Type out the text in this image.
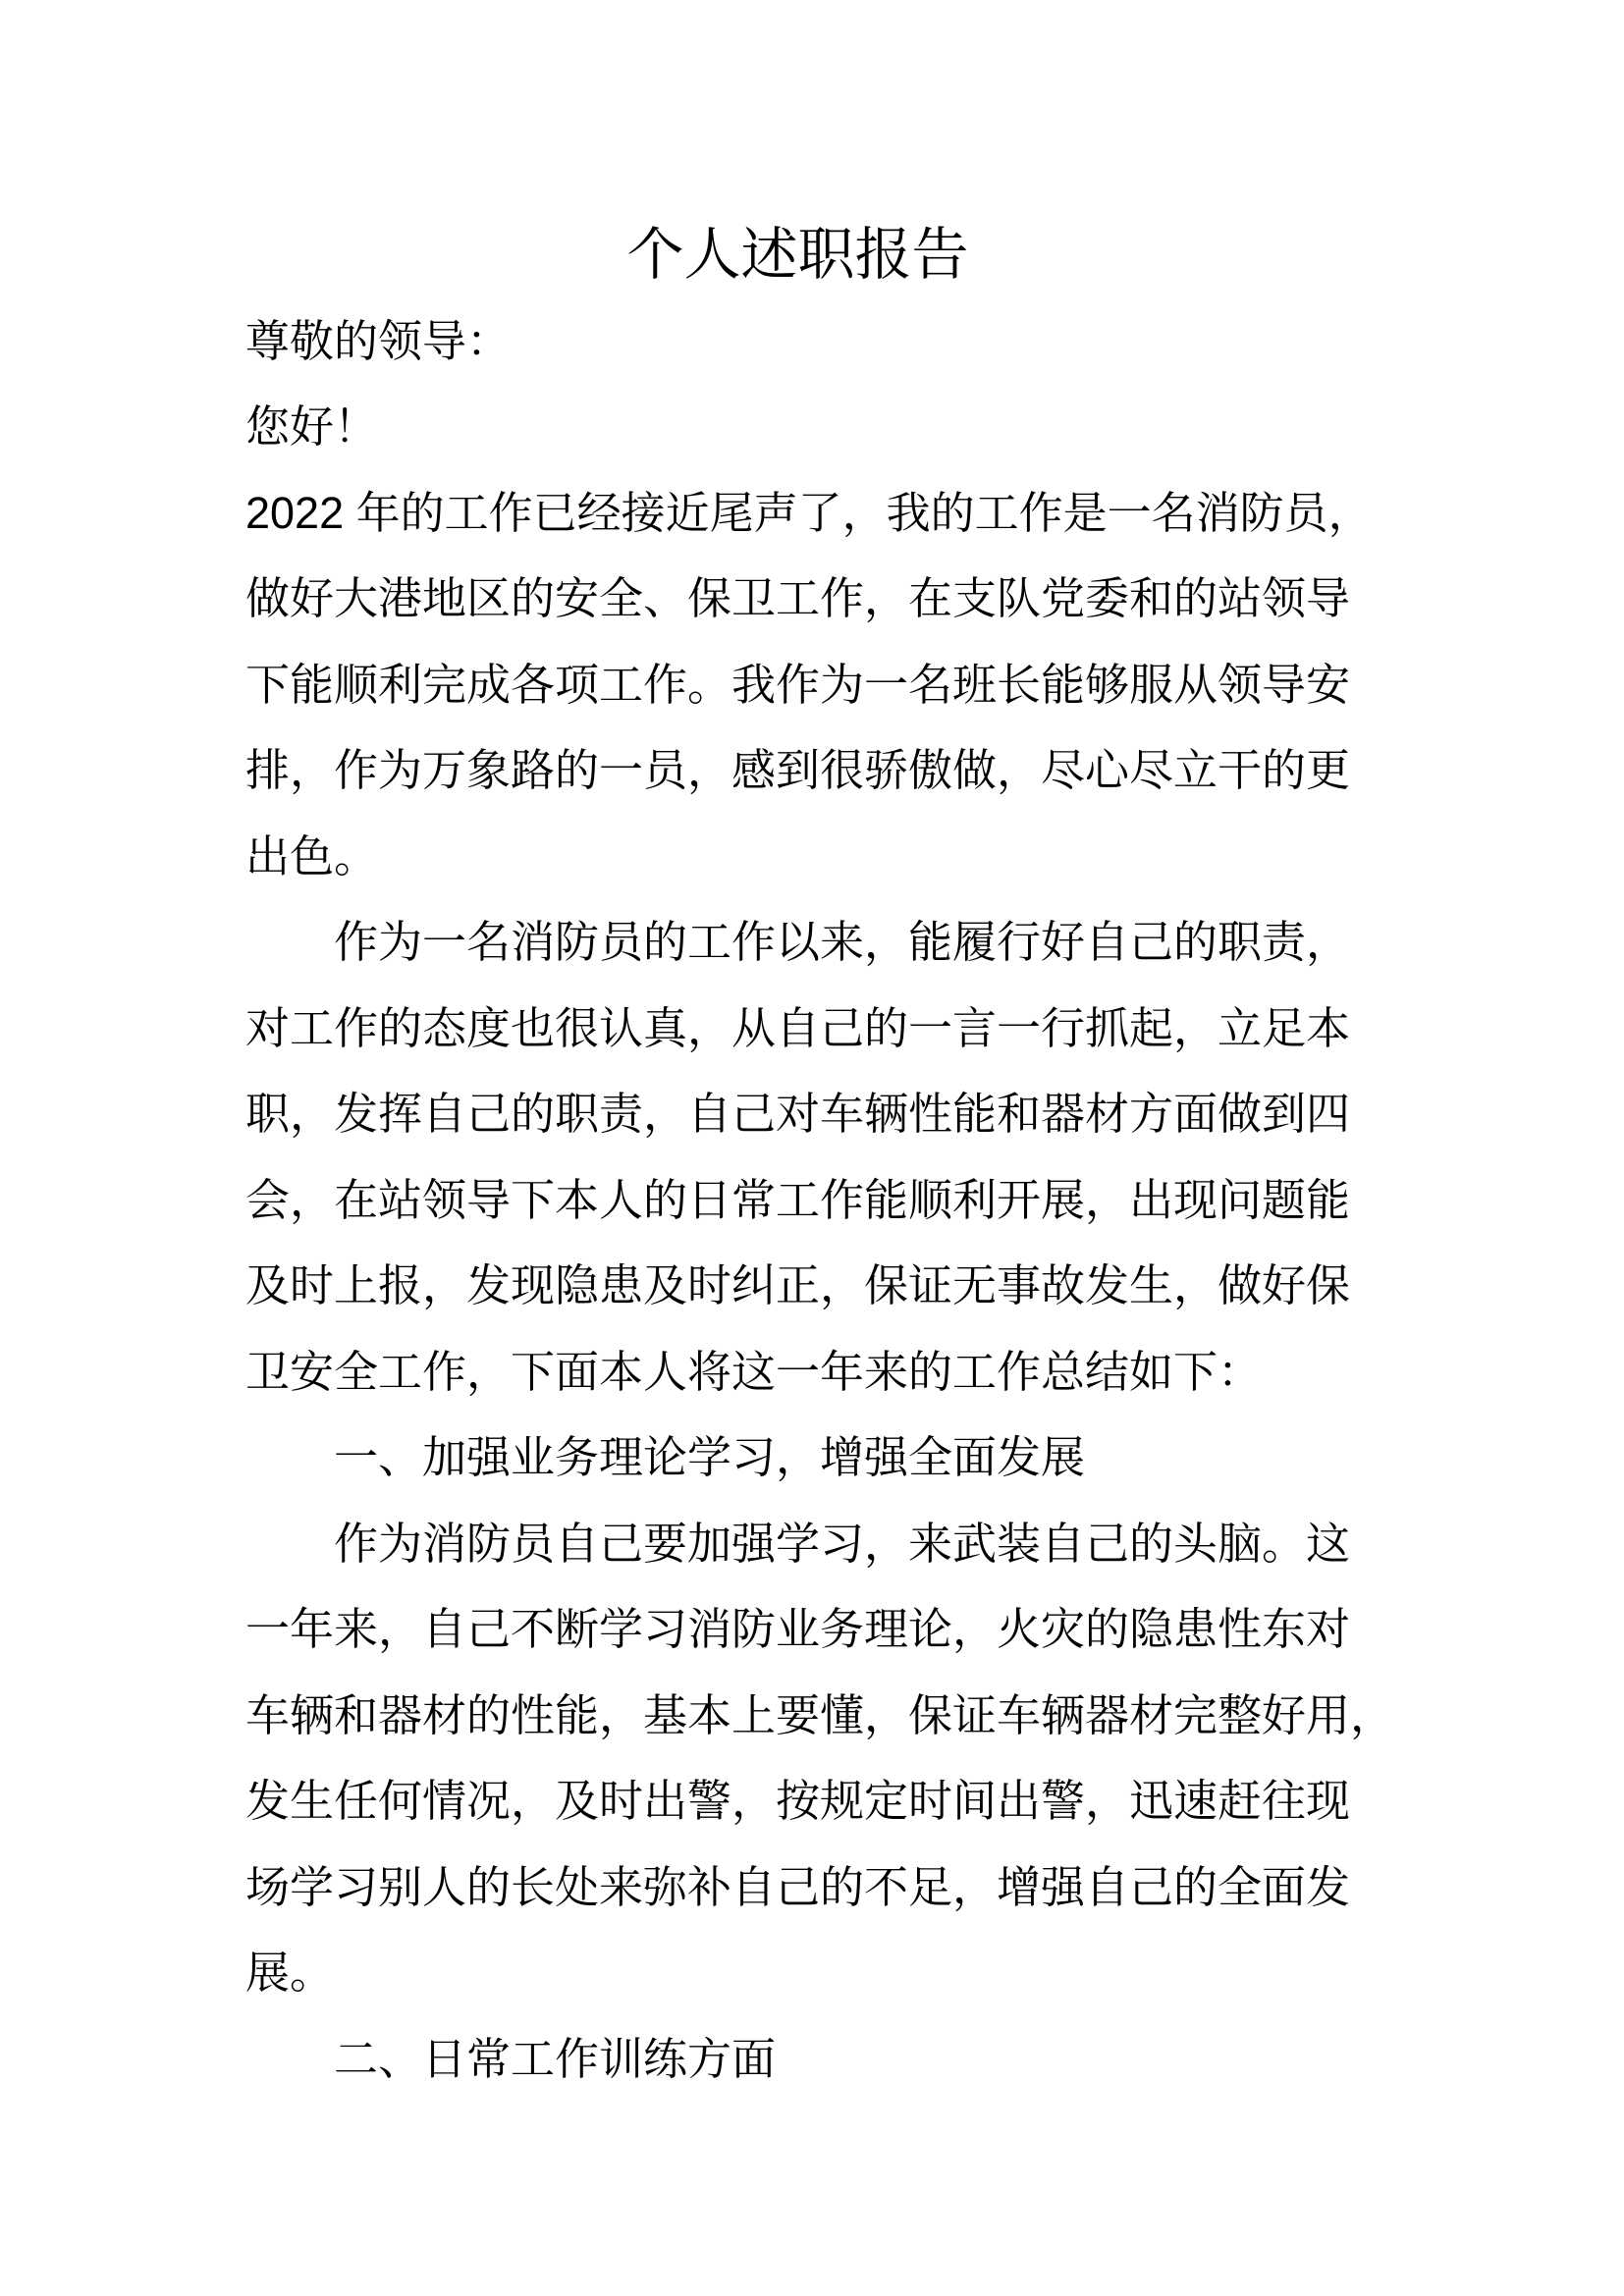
个人述职报告
尊敬的领导：
您好！
2022 年的工作已经接近尾声了，我的工作是一名消防员，
做好大港地区的安全、保卫工作，在支队党委和的站领导
下能顺利完成各项工作。我作为一名班长能够服从领导安
排，作为万象路的一员，感到很骄傲做，尽心尽立干的更
出色。
作为一名消防员的工作以来，能履行好自己的职责，
对工作的态度也很认真，从自己的一言一行抓起，立足本
职，发挥自己的职责，自己对车辆性能和器材方面做到四
会，在站领导下本人的日常工作能顺利开展，出现问题能
及时上报，发现隐患及时纠正，保证无事故发生，做好保
卫安全工作，下面本人将这一年来的工作总结如下：
一、加强业务理论学习，增强全面发展
作为消防员自己要加强学习，来武装自己的头脑。这
一年来，自己不断学习消防业务理论，火灾的隐患性东对
车辆和器材的性能，基本上要懂，保证车辆器材完整好用，
发生任何情况，及时出警，按规定时间出警，迅速赶往现
场学习别人的长处来弥补自己的不足，增强自己的全面发
展。
二、日常工作训练方面
